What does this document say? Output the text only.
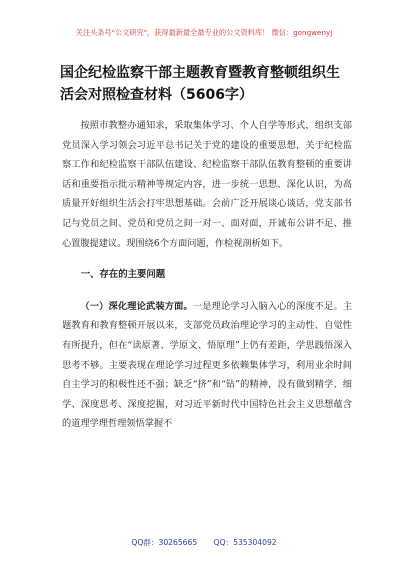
关注头条号"公文研究"，获得最新最全最专业的公文资料库！ 微信：gongwenyj
国企纪检监察干部主题教育暨教育整顿组织生活会对照检查材料（5606字）

按照市教整办通知求，采取集体学习、个人自学等形式，组织支部党员深入学习领会习近平总书记关于党的建设的重要思想，关于纪检监察工作和纪检监察干部队伍建设、纪检监察干部队伍教育整顿的重要讲话和重要指示批示精神等规定内容，进一步统一思想、深化认识，为高质量开好组织生活会打牢思想基础。会前广泛开展谈心谈话，党支部书记与党员之间、党员和党员之间一对一、面对面，开诚布公讲不足、推心置腹提建议。现围绕6个方面问题，作检视剖析如下。

一、存在的主要问题

（一）深化理论武装方面。一是理论学习入脑入心的深度不足。主题教育和教育整顿开展以来，支部党员政治理论学习的主动性、自觉性有所提升，但在“读原著、学原文、悟原理”上仍有差距，学思践悟深入思考不够。主要表现在理论学习过程更多依赖集体学习，利用业余时间自主学习的积极性还不强；缺乏“挤”和“钻”的精神，没有做到精学、细学、深度思考、深度挖掘，对习近平新时代中国特色社会主义思想蕴含的道理学理哲理领悟掌握不

QQ群：30265665 QQ：535304092
